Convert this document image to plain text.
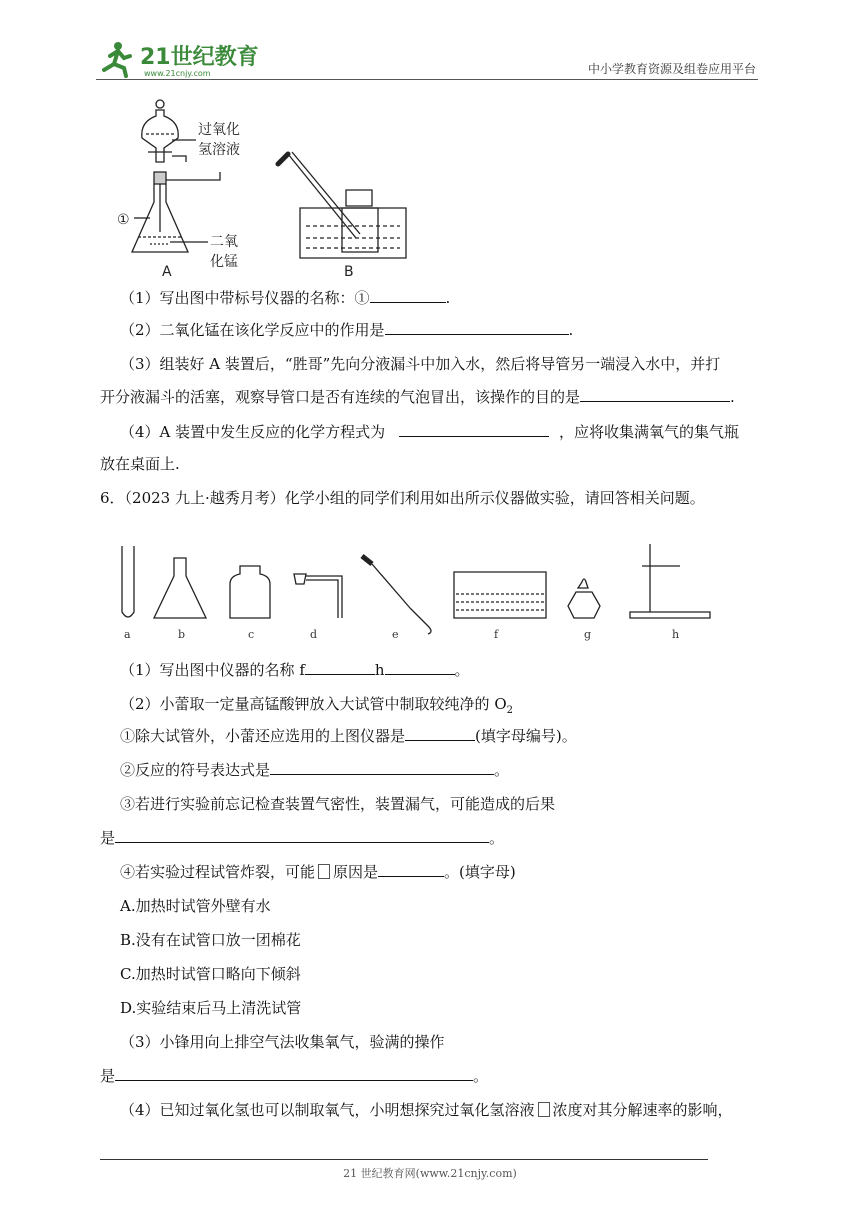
21世纪教育
www.21cnjy.com	中小学教育资源及组卷应用平台
过氧化
氢溶液
①
二氧
化锰
A	B
（1）写出图中带标号仪器的名称：①	.
（2）二氧化锰在该化学反应中的作用是	.
（3）组装好 A 装置后，“胜哥”先向分液漏斗中加入水，然后将导管另一端浸入水中，并打
开分液漏斗的活塞，观察导管口是否有连续的气泡冒出，该操作的目的是	.
（4）A 装置中发生反应的化学方程式为	，应将收集满氧气的集气瓶
放在桌面上.
6．（2023 九上·越秀月考）化学小组的同学们利用如出所示仪器做实验，请回答相关问题。
a	b	c	d	e	f	g	h
（1）写出图中仪器的名称 f	h	。
（2）小蕾取一定量高锰酸钾放入大试管中制取较纯净的 $O_2$
①除大试管外，小蕾还应选用的上图仪器是	(填字母编号)。
②反应的符号表达式是	。
③若进行实验前忘记检查装置气密性，装置漏气，可能造成的后果
是	。
④若实验过程试管炸裂，可能 原因是	。(填字母)
A.加热时试管外壁有水
B.没有在试管口放一团棉花
C.加热时试管口略向下倾斜
D.实验结束后马上清洗试管
（3）小锋用向上排空气法收集氧气，验满的操作
是	。
（4）已知过氧化氢也可以制取氧气，小明想探究过氧化氢溶液 浓度对其分解速率的影响，
21 世纪教育网(www.21cnjy.com)
